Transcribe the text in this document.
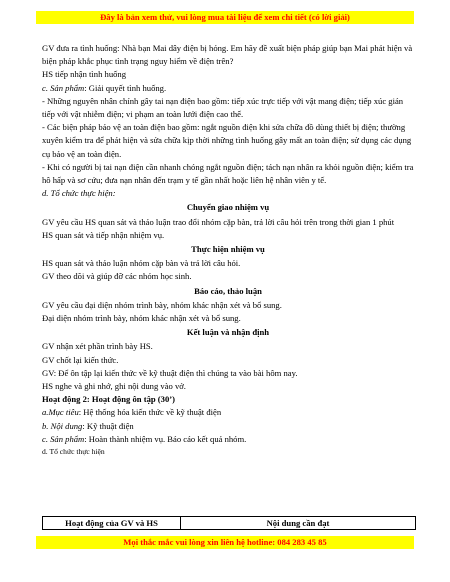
Đây là bản xem thử, vui lòng mua tài liệu để xem chi tiết (có lời giải)

GV đưa ra tình huống: Nhà bạn Mai dây điện bị hỏng. Em hãy đề xuất biện pháp giúp bạn Mai phát hiện và biện pháp khắc phục tình trạng nguy hiểm về điện trên?

HS tiếp nhận tình huống

c. Sản phẩm: Giải quyết tình huống.

- Những nguyên nhân chính gây tai nạn điện bao gồm: tiếp xúc trực tiếp với vật mang điện; tiếp xúc gián tiếp với vật nhiễm điện; vi phạm an toàn lưới điện cao thế.

- Các biện pháp bảo vệ an toàn điện bao gồm: ngắt nguồn điện khi sửa chữa đồ dùng thiết bị điện; thường xuyên kiểm tra để phát hiện và sửa chữa kịp thời những tình huống gây mất an toàn điện; sử dụng các dụng cụ bảo vệ an toàn điện.

- Khi có người bị tai nạn điện cần nhanh chóng ngắt nguồn điện; tách nạn nhân ra khỏi nguồn điện; kiểm tra hô hấp và sơ cứu; đưa nạn nhân đến trạm y tế gần nhất hoặc liên hệ nhân viên y tế.

d. Tổ chức thực hiện:

Chuyển giao nhiệm vụ

GV yêu cầu HS quan sát và thảo luận trao đổi nhóm cặp bàn, trả lời câu hỏi trên trong thời gian 1 phút

HS quan sát và tiếp nhận nhiệm vụ.

Thực hiện nhiệm vụ

HS quan sát và thảo luận nhóm cặp bàn và trả lời câu hỏi.

GV theo dõi và giúp đỡ các nhóm học sinh.

Báo cáo, thảo luận

GV yêu cầu đại diện nhóm trình bày, nhóm khác nhận xét và bổ sung.

Đại diện nhóm trình bày, nhóm khác nhận xét và bổ sung.

Kết luận và nhận định

GV nhận xét phần trình bày HS.

GV chốt lại kiến thức.

GV: Để ôn tập lại kiến thức về kỹ thuật điện thì chúng ta vào bài hôm nay.

HS nghe và ghi nhớ, ghi nội dung vào vở.

Hoạt động 2: Hoạt động ôn tập (30’)

a.Mục tiêu: Hệ thống hóa kiến thức về kỹ thuật điện

b. Nội dung: Kỹ thuật điện

c. Sản phẩm: Hoàn thành nhiệm vụ. Báo cáo kết quả nhóm.

d. Tổ chức thực hiện

Hoạt động của GV và HS	Nội dung cần đạt
Mọi thắc mắc vui lòng xin liên hệ hotline: 084 283 45 85
